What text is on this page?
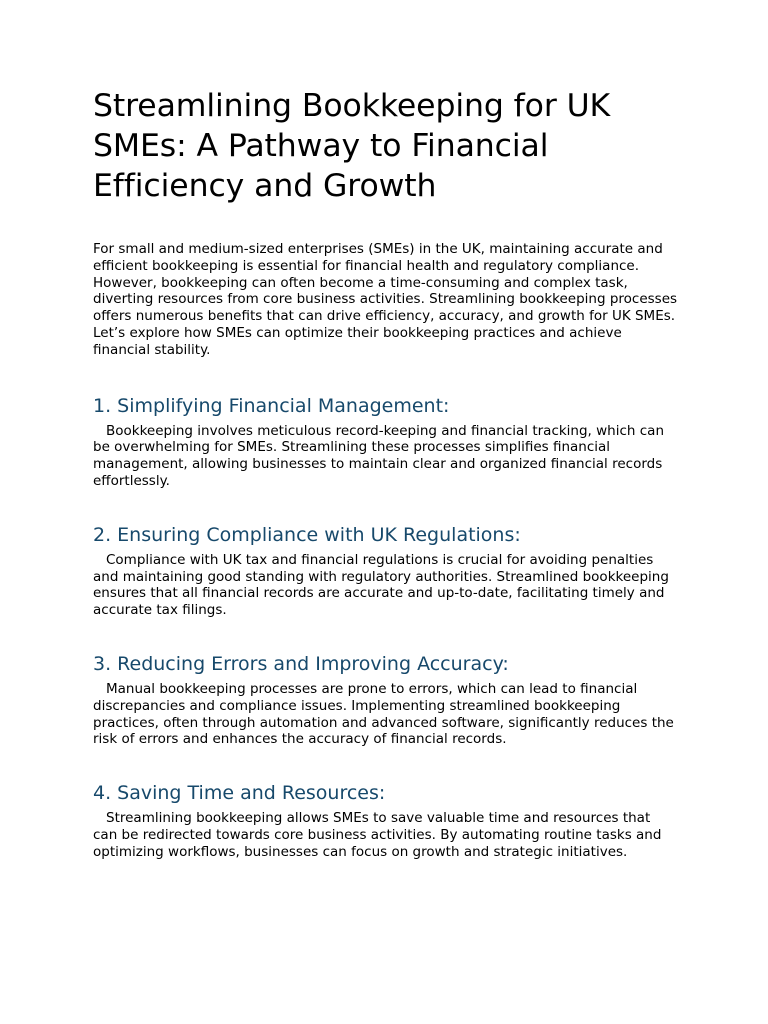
Streamlining Bookkeeping for UK SMEs: A Pathway to Financial Efficiency and Growth

For small and medium-sized enterprises (SMEs) in the UK, maintaining accurate and efficient bookkeeping is essential for financial health and regulatory compliance. However, bookkeeping can often become a time-consuming and complex task, diverting resources from core business activities. Streamlining bookkeeping processes offers numerous benefits that can drive efficiency, accuracy, and growth for UK SMEs. Let’s explore how SMEs can optimize their bookkeeping practices and achieve financial stability.

1. Simplifying Financial Management:

Bookkeeping involves meticulous record-keeping and financial tracking, which can be overwhelming for SMEs. Streamlining these processes simplifies financial management, allowing businesses to maintain clear and organized financial records effortlessly.

2. Ensuring Compliance with UK Regulations:

Compliance with UK tax and financial regulations is crucial for avoiding penalties and maintaining good standing with regulatory authorities. Streamlined bookkeeping ensures that all financial records are accurate and up-to-date, facilitating timely and accurate tax filings.

3. Reducing Errors and Improving Accuracy:

Manual bookkeeping processes are prone to errors, which can lead to financial discrepancies and compliance issues. Implementing streamlined bookkeeping practices, often through automation and advanced software, significantly reduces the risk of errors and enhances the accuracy of financial records.

4. Saving Time and Resources:

Streamlining bookkeeping allows SMEs to save valuable time and resources that can be redirected towards core business activities. By automating routine tasks and optimizing workflows, businesses can focus on growth and strategic initiatives.
